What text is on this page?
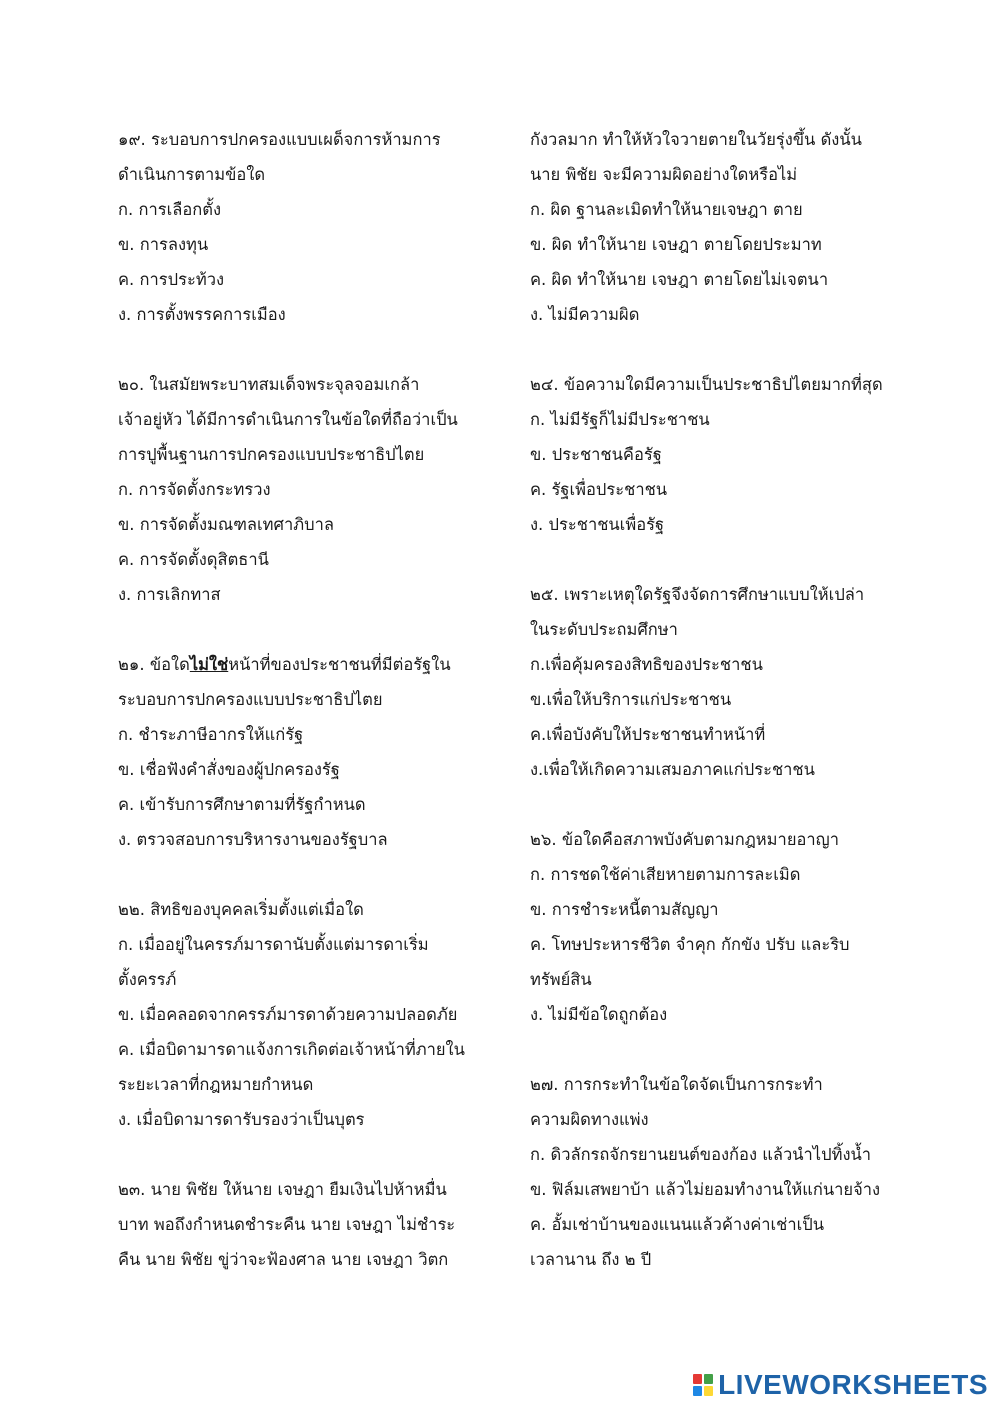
๑๙. ระบอบการปกครองแบบเผด็จการห้ามการ
ดำเนินการตามข้อใด
ก. การเลือกตั้ง
ข. การลงทุน
ค. การประท้วง
ง. การตั้งพรรคการเมือง
๒๐. ในสมัยพระบาทสมเด็จพระจุลจอมเกล้า
เจ้าอยู่หัว ได้มีการดำเนินการในข้อใดที่ถือว่าเป็น
การปูพื้นฐานการปกครองแบบประชาธิปไตย
ก. การจัดตั้งกระทรวง
ข. การจัดตั้งมณฑลเทศาภิบาล
ค. การจัดตั้งดุสิตธานี
ง. การเลิกทาส
๒๑. ข้อใดไม่ใช่หน้าที่ของประชาชนที่มีต่อรัฐใน
ระบอบการปกครองแบบประชาธิปไตย
ก. ชำระภาษีอากรให้แก่รัฐ
ข. เชื่อฟังคำสั่งของผู้ปกครองรัฐ
ค. เข้ารับการศึกษาตามที่รัฐกำหนด
ง. ตรวจสอบการบริหารงานของรัฐบาล
๒๒. สิทธิของบุคคลเริ่มตั้งแต่เมื่อใด
ก. เมื่ออยู่ในครรภ์มารดานับตั้งแต่มารดาเริ่ม
ตั้งครรภ์
ข. เมื่อคลอดจากครรภ์มารดาด้วยความปลอดภัย
ค. เมื่อบิดามารดาแจ้งการเกิดต่อเจ้าหน้าที่ภายใน
ระยะเวลาที่กฎหมายกำหนด
ง. เมื่อบิดามารดารับรองว่าเป็นบุตร
๒๓. นาย พิชัย ให้นาย เจษฎา ยืมเงินไปห้าหมื่น
บาท พอถึงกำหนดชำระคืน นาย เจษฎา ไม่ชำระ
คืน นาย พิชัย ขู่ว่าจะฟ้องศาล นาย เจษฎา วิตก
กังวลมาก ทำให้หัวใจวายตายในวัยรุ่งขึ้น ดังนั้น
นาย พิชัย จะมีความผิดอย่างใดหรือไม่
ก. ผิด ฐานละเมิดทำให้นายเจษฎา ตาย
ข. ผิด ทำให้นาย เจษฎา ตายโดยประมาท
ค. ผิด ทำให้นาย เจษฎา ตายโดยไม่เจตนา
ง. ไม่มีความผิด
๒๔. ข้อความใดมีความเป็นประชาธิปไตยมากที่สุด
ก. ไม่มีรัฐก็ไม่มีประชาชน
ข. ประชาชนคือรัฐ
ค. รัฐเพื่อประชาชน
ง. ประชาชนเพื่อรัฐ
๒๕. เพราะเหตุใดรัฐจึงจัดการศึกษาแบบให้เปล่า
ในระดับประถมศึกษา
ก.เพื่อคุ้มครองสิทธิของประชาชน
ข.เพื่อให้บริการแก่ประชาชน
ค.เพื่อบังคับให้ประชาชนทำหน้าที่
ง.เพื่อให้เกิดความเสมอภาคแก่ประชาชน
๒๖. ข้อใดคือสภาพบังคับตามกฎหมายอาญา
ก. การชดใช้ค่าเสียหายตามการละเมิด
ข. การชำระหนี้ตามสัญญา
ค. โทษประหารชีวิต จำคุก กักขัง ปรับ และริบ
ทรัพย์สิน
ง. ไม่มีข้อใดถูกต้อง
๒๗. การกระทำในข้อใดจัดเป็นการกระทำ
ความผิดทางแพ่ง
ก. ดิวลักรถจักรยานยนต์ของก้อง แล้วนำไปทิ้งน้ำ
ข. ฟิล์มเสพยาบ้า แล้วไม่ยอมทำงานให้แก่นายจ้าง
ค. อั้มเช่าบ้านของแนนแล้วค้างค่าเช่าเป็น
เวลานาน ถึง ๒ ปี
LIVEWORKSHEETS
